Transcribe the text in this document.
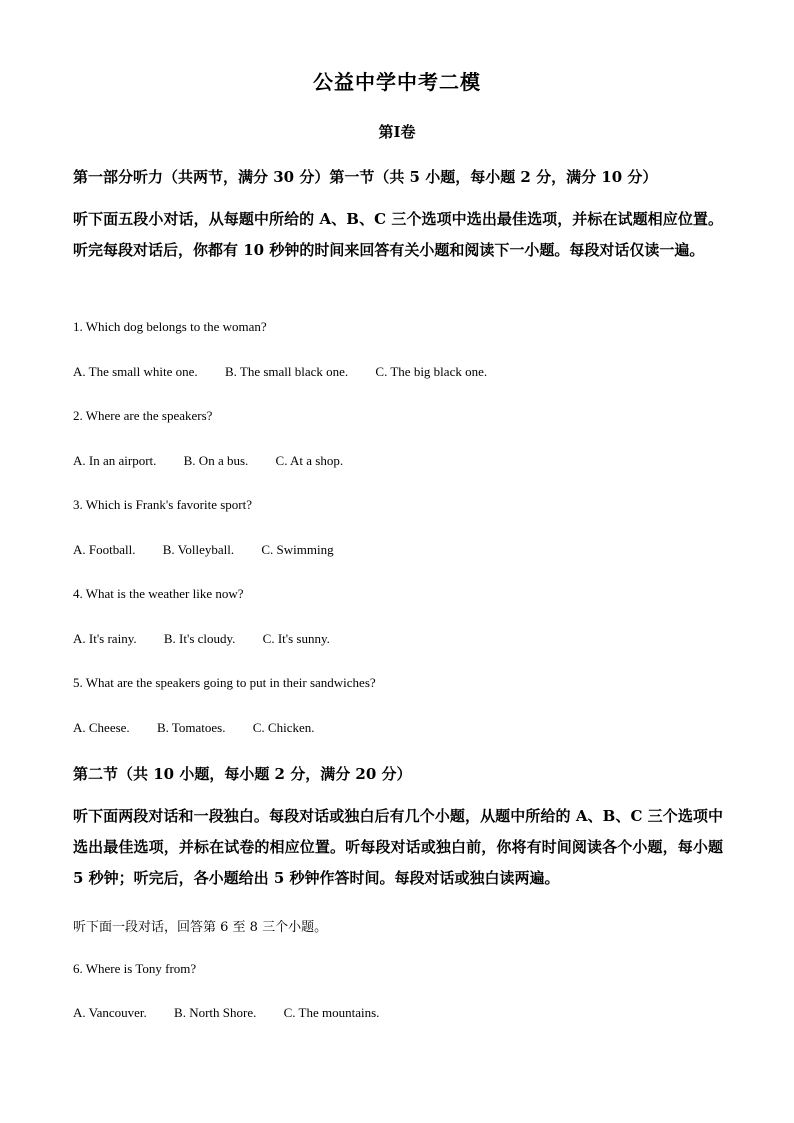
公益中学中考二模
第I卷
第一部分听力（共两节，满分 30 分）第一节（共 5 小题，每小题 2 分，满分 10 分）
听下面五段小对话，从每题中所给的 A、B、C 三个选项中选出最佳选项，并标在试题相应位置。听完每段对话后，你都有 10 秒钟的时间来回答有关小题和阅读下一小题。每段对话仅读一遍。
1. Which dog belongs to the woman?
A. The small white one. B. The small black one. C. The big black one.
2. Where are the speakers?
A. In an airport. B. On a bus. C. At a shop.
3. Which is Frank's favorite sport?
A. Football. B. Volleyball. C. Swimming
4. What is the weather like now?
A. It's rainy. B. It's cloudy. C. It's sunny.
5. What are the speakers going to put in their sandwiches?
A. Cheese. B. Tomatoes. C. Chicken.
第二节（共 10 小题，每小题 2 分，满分 20 分）
听下面两段对话和一段独白。每段对话或独白后有几个小题，从题中所给的 A、B、C 三个选项中选出最佳选项，并标在试卷的相应位置。听每段对话或独白前，你将有时间阅读各个小题，每小题 5 秒钟；听完后，各小题给出 5 秒钟作答时间。每段对话或独白读两遍。
听下面一段对话，回答第 6 至 8 三个小题。
6. Where is Tony from?
A. Vancouver. B. North Shore. C. The mountains.
